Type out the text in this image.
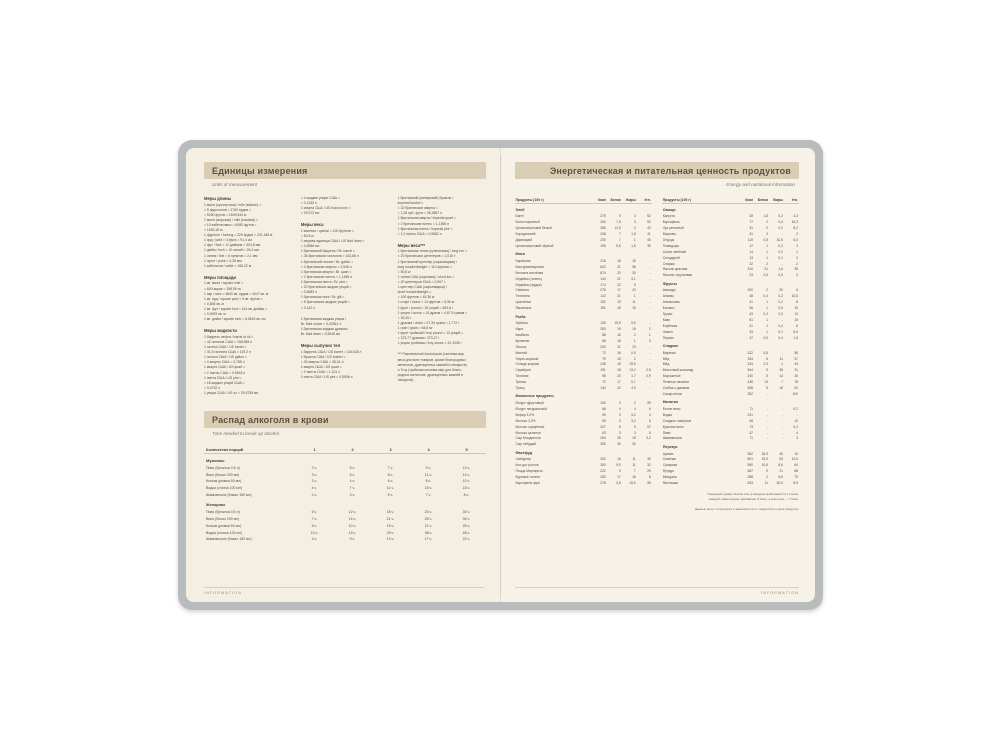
Единицы измерения
Units of measurement
Меры длины
1 миля (сухопутная) / mile (statute) =
= 8 фурлонгов = 1760 ярдов =
= 5280 футов = 1609,344 м
1 миля (морская) / mile (nautical) =
= 10 кабельтовых = 6080 футов =
= 1853,18 м
1 фурлонг / furlong = 220 ярдов = 201,168 м
1 ярд / yard = 3 фута = 91,4 см
1 фут / foot = 12 дюймов = 304,8 мм
1 дюйм / inch = 10 линий = 25,4 мм
1 линия / line = 6 пунктов = 2,1 мм
1 пункт / point = 0,35 мм
1 кабельтов / cable = 185,22 м
Меры площади
1 кв. миля / square mile =
= 640 акров = 258,99 га
1 акр / acre = 4840 кв. ярдов = 4047 кв. м
1 кв. ярд / square yard = 9 кв. футов =
= 0,836 кв. м
1 кв. фут / square foot = 144 кв. дюйма =
= 0,0929 кв. м
1 кв. дюйм / square inch = 6,4516 кв. см
Меры жидкости
1 баррель нефти / barrel of oil =
= 42 галлона США = 158,988 л
1 галлон США / US barrel =
= 31,5 галлона США = 119,2 л
1 галлон США / US gallon =
= 4 кварты США = 3,785 л
1 кварта США / US quart =
= 2 пинты США = 0,9463 л
1 пинта США / US pint =
= 16 жидких унций США =
= 0,4732 л
1 унция США / US oz = 29,5735 мл
= 4 жидкие унции США =
= 0,1183 л
1 кварта США / US fluid ounce =
= 29,573 мл
Меры веса
1 квинтал / quintal = 100 фунтов =
= 50,8 кг
1 медная единица США / US fluid dram =
= 3,6966 мл
1 британский баррель / Br. barrel =
= 36 британских галлонов = 163,66 л
1 британский галлон / Br. gallon =
= 4 британские кварты = 4,546 л
1 британская кварта / Br. quart =
= 2 британские пинты = 1,1365 л
1 британская пинта / Br. pint =
= 20 британских жидких унций =
= 0,5683 л
1 британская нога / Br. gill =
= 5 британских жидких унций =
= 0,142 л
1 британская жидкая унция /
Br. fluid ounce = 0,02841 л
1 британская жидкая драхма /
Br. fluid dram = 3,5516 мл
Меры сыпучих тел
1 баррель США / US barrel = 115,628 л
1 бушель США / US bushel =
= 32 кварты США = 35,24 л
1 кварта США / US quart =
= 2 пинты США = 1,101 л
1 пинта США / US pint = 0,5506 л
1 британский (имперский) бушель /
imperial bushel =
= 32 британские кварты =
= 1,28 куб. фута = 36,3687 л
1 британская кварта / imperial quart =
= 2 британские пинты = 1,1365 л
1 британская пинта / imperial pint =
= 1,2 пинты США = 0,5682 л
Меры веса***
1 британская тонна (купеческая) / long ton =
= 20 британских центнеров = 1,016 т
1 британский центнер (сырьевщика) /
long hundredweight = 112 фунтов =
= 50,8 кг
1 тонна США (короткая) / short ton =
= 20 центнеров США = 0,907 т
1 центнер США (сырьевщика) /
short hundredweight =
= 100 фунтов = 45,36 кг
1 стоун / stone = 14 фунтов = 6,35 кг
1 фунт / pound = 16 унций = 453,6 г
1 унция / ounce = 16 драхм = 4,67,5 грамм =
= 28,35 г
1 драхма / dram = 27,34 грана = 1,772 г
1 гран / grain = 64,8 мг
1 фунт тройский / troy pound = 12 унций =
= 373,77 драхмы= 373,27 г
1 унция тройская / troy ounce = 31,1035 г
*** Разливочный Avoirdupois (система мер
веса для всех товаров, кроме благородных
металлов, драгоценных камней и лекарств)
и Troy (тройская система мер для благо-
родных металлов, драгоценных камней и
лекарств).
Распад алкоголя в крови
Time needed to break up alcohol
Количество порций	1	2	3	4	5
Мужчины					
Пиво (бутылка 0,5 л)	2 ч.	5 ч.	7 ч.	9 ч.	12 ч.
Вино (бокал 200 мл)	3 ч.	6 ч.	8 ч.	11 ч.	14 ч.
Коньяк (рюмка 50 мл)	2 ч.	4 ч.	6 ч.	8 ч.	10 ч.
Водка (стопка 100 мл)	4 ч.	7 ч.	11 ч.	15 ч.	18 ч.
Шампанское (бокал 150 мл)	2 ч.	3 ч.	5 ч.	7 ч.	8 ч.
Женщины					
Пиво (бутылка 0,5 л)	6 ч.	12 ч.	18 ч.	24 ч.	30 ч.
Вино (бокал 200 мл)	7 ч.	14 ч.	21 ч.	28 ч.	35 ч.
Коньяк (рюмка 50 мл)	5 ч.	10 ч.	15 ч.	21 ч.	26 ч.
Водка (стопка 100 мл)	10 ч.	19 ч.	29 ч.	38 ч.	48 ч.
Шампанское (бокал 150 мл)	4 ч.	9 ч.	13 ч.	17 ч.	22 ч.
INFORMATION
Энергетическая и питательная ценность продуктов
Energy and nutritional information
Продукты (100 г)	Ккал	Белки	Жиры	Угл.
Хлеб				
Багет	275	9	3	52
Батон нарезной	264	7,5	3	50
Цельнозерновой белый	256	12,5	2	42
Бородинский	208	7	1,5	41
Дарницкий	230	7	1	45
Цельнозерновой чёрный	195	5,5	1,5	35
Мясо				
Баранина	216	16	15	-
Бастурма/вырезка	622	21	36	-
Ветчина копчёная	674	23	30	-
Индейка (голень)	144	21	3,1	-
Индейка (грудка)	174	22	5	-
Свинина	276	17	23	-
Телятина	112	21	1	-
Цыплёнок	192	19	11	-
Язык/язык	191	16	15	-
Рыба				
Зубатка	130	19,5	5,5	-
Икра	263	19	19	2
Камбала	88	16	2	1
Креветки	86	16	1	3
Лосось	203	21	13	-
Минтай	72	16	0,9	-
Окунь морской	79	15	2	-
Сельдь жирная	248	18	19,5	-
Скумбрия	191	18	13,2	2,5
Тилапия	98	20	1,7	0,9
Треска	72	17	0,7	-
Тунец	144	22	4,9	-
Молочные продукты				
Йогурт фруктовый	100	3	2	39
Йогурт натуральный	66	4	4	6
Кефир 3,2%	59	3	3,2	4
Молоко 3,2%	60	3	3,2	5
Молоко сгущённое	327	8	9	57
Молоко цельное	63	3	3	5
Сыр Моцарелла	264	25	19	3,2
Сыр твёрдый	350	30	30	-
Фастфуд				
Чизбургер	300	16	11	30
Кол-дог ростов	283	9,9	11	32
Пицца Маргарита	222	9	7	29
Куриные голени	250	17	16	8
Картофель фри	278	3,8	15,5	35
Продукты (100 г)	Ккал	Белки	Жиры	Угл.
Овощи				
Капуста	28	1,8	0,2	4,3
Картофель	77	2	0,4	16,3
Лук репчатый	41	2	0,2	8,2
Морковь	41	3	-	2
Огурцы	115	0,8	10,5	6,3
Помидоры	17	1	0,2	3
Салат зелёный	14	1	0,2	1
Сельдерей	13	1	0,1	2
Спаржа	22	2	-	2
Фасоль красная	310	21	1,6	35
Фасоль стручковая	23	2,5	0,3	3
Фрукты				
Авокадо	200	2	20	6
Ананас	48	0,4	0,2	10,6
Апельсины	41	1	0,2	8
Бананы	96	1	0,5	19
Груши	43	0,4	0,3	11
Киви	61	1	-	15
Клубника	41	1	0,4	8
Лимон	43	1	0,1	8,5
Персик	47	0,5	0,4	1,6
Сладкое				
Варенье	222	0,8	-	58
Мёд	334	6	11	37
Мёд	234	2,3	1	44
Молочный шоколад	544	9	38	31
Мороженое	240	5	14	26
Печенье овсяное	436	13	7	78
Сгибка с джемом	408	5	18	61
Сахар-песок	392	-	-	100
Напитки				
Белое вино	71	-	-	0,2
Водка	231	-	-	-
Сладкое ликёрное	45	-	-	10
Красное вино	73	-	-	0,2
Пиво	47	-	-	4
Шампанское	71	-	-	3
Перекус				
Арахис	552	26,5	45	10
Семечки	601	20,5	53	10,5
Сухарики	590	10,6	8,6	64
Фундук	687	9	21	68
Миндаль	288	2	6,5	70
Фисташки	633	11	62,5	8,5
Немецкий суммы белков или углеводов приближается к 4 Ккал,
каждый грамм жиров прибавляет 9 Ккал, а алкоголя — 7 Ккал.
Данные могут отличаться в зависимости от конкретного сорта продукта.
INFORMATION
